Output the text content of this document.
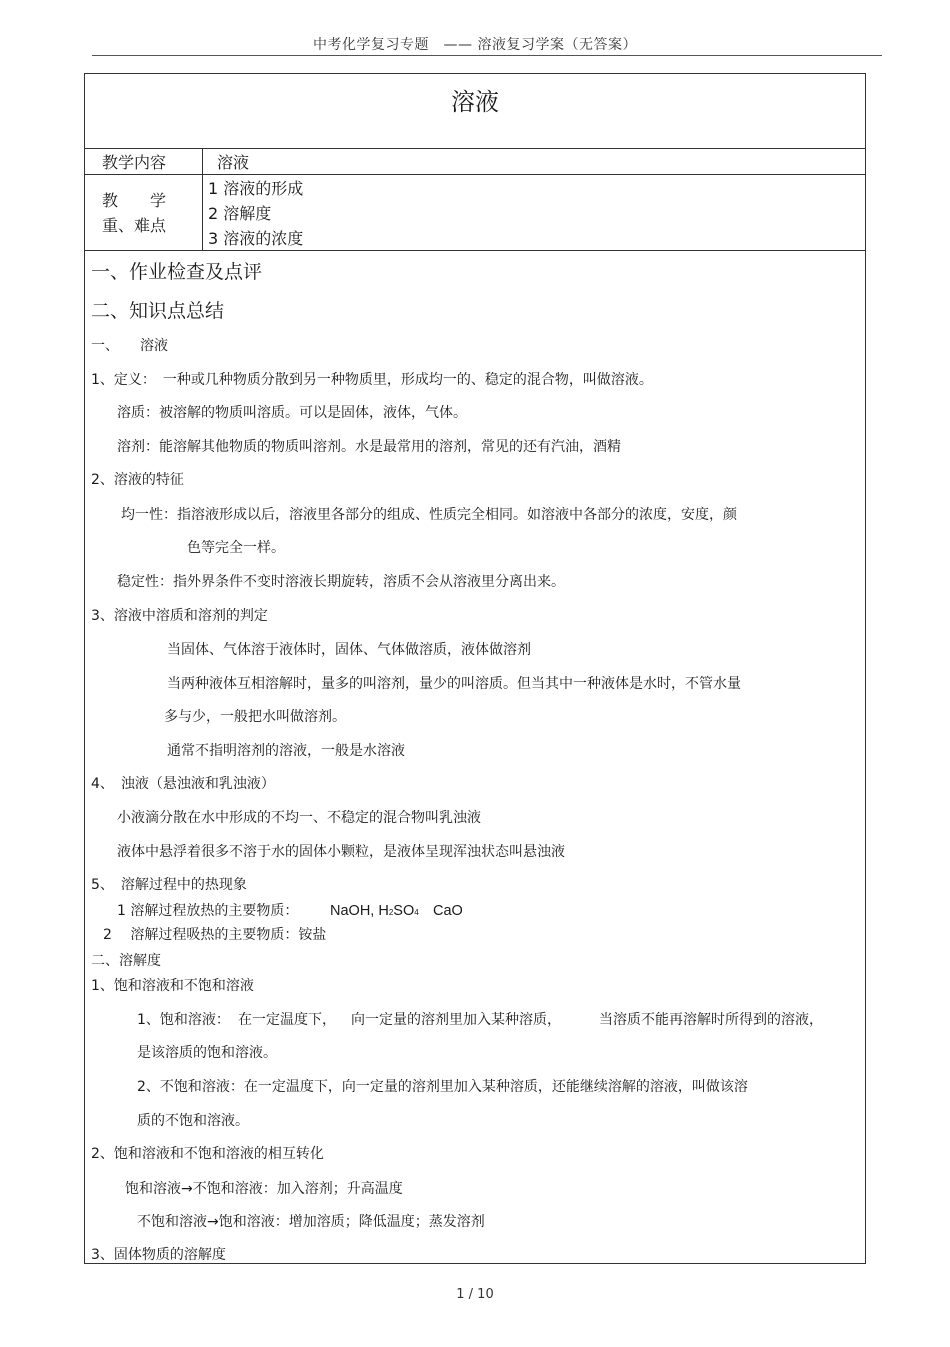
中考化学复习专题　—— 溶液复习学案（无答案）
溶液
教学内容	溶液
教　　学
重、难点
1 溶液的形成
2 溶解度
3 溶液的浓度
一、作业检查及点评
二、知识点总结
一、　　溶液
1、定义：　一种或几种物质分散到另一种物质里，形成均一的、稳定的混合物，叫做溶液。
溶质：被溶解的物质叫溶质。可以是固体，液体，气体。
溶剂：能溶解其他物质的物质叫溶剂。水是最常用的溶剂，常见的还有汽油，酒精
2、溶液的特征
均一性：指溶液形成以后，溶液里各部分的组成、性质完全相同。如溶液中各部分的浓度，安度，颜
色等完全一样。
稳定性：指外界条件不变时溶液长期旋转，溶质不会从溶液里分离出来。
3、溶液中溶质和溶剂的判定
当固体、气体溶于液体时，固体、气体做溶质，液体做溶剂
当两种液体互相溶解时，量多的叫溶剂，量少的叫溶质。但当其中一种液体是水时，不管水量
多与少，一般把水叫做溶剂。
通常不指明溶剂的溶液，一般是水溶液
4、　浊液（悬浊液和乳浊液）
小液滴分散在水中形成的不均一、不稳定的混合物叫乳浊液
液体中悬浮着很多不溶于水的固体小颗粒，是液体呈现浑浊状态叫悬浊液
5、　溶解过程中的热现象
1 溶解过程放热的主要物质： NaOH, H2SO4 CaO
2　 溶解过程吸热的主要物质：铵盐
二、溶解度
1、饱和溶液和不饱和溶液
1、饱和溶液： 在一定温度下， 向一定量的溶剂里加入某种溶质，	当溶质不能再溶解时所得到的溶液，
是该溶质的饱和溶液。
2、不饱和溶液：在一定温度下，向一定量的溶剂里加入某种溶质，还能继续溶解的溶液，叫做该溶
质的不饱和溶液。
2、饱和溶液和不饱和溶液的相互转化
饱和溶液→不饱和溶液：加入溶剂；升高温度
不饱和溶液→饱和溶液：增加溶质；降低温度；蒸发溶剂
3、固体物质的溶解度
1 / 10
